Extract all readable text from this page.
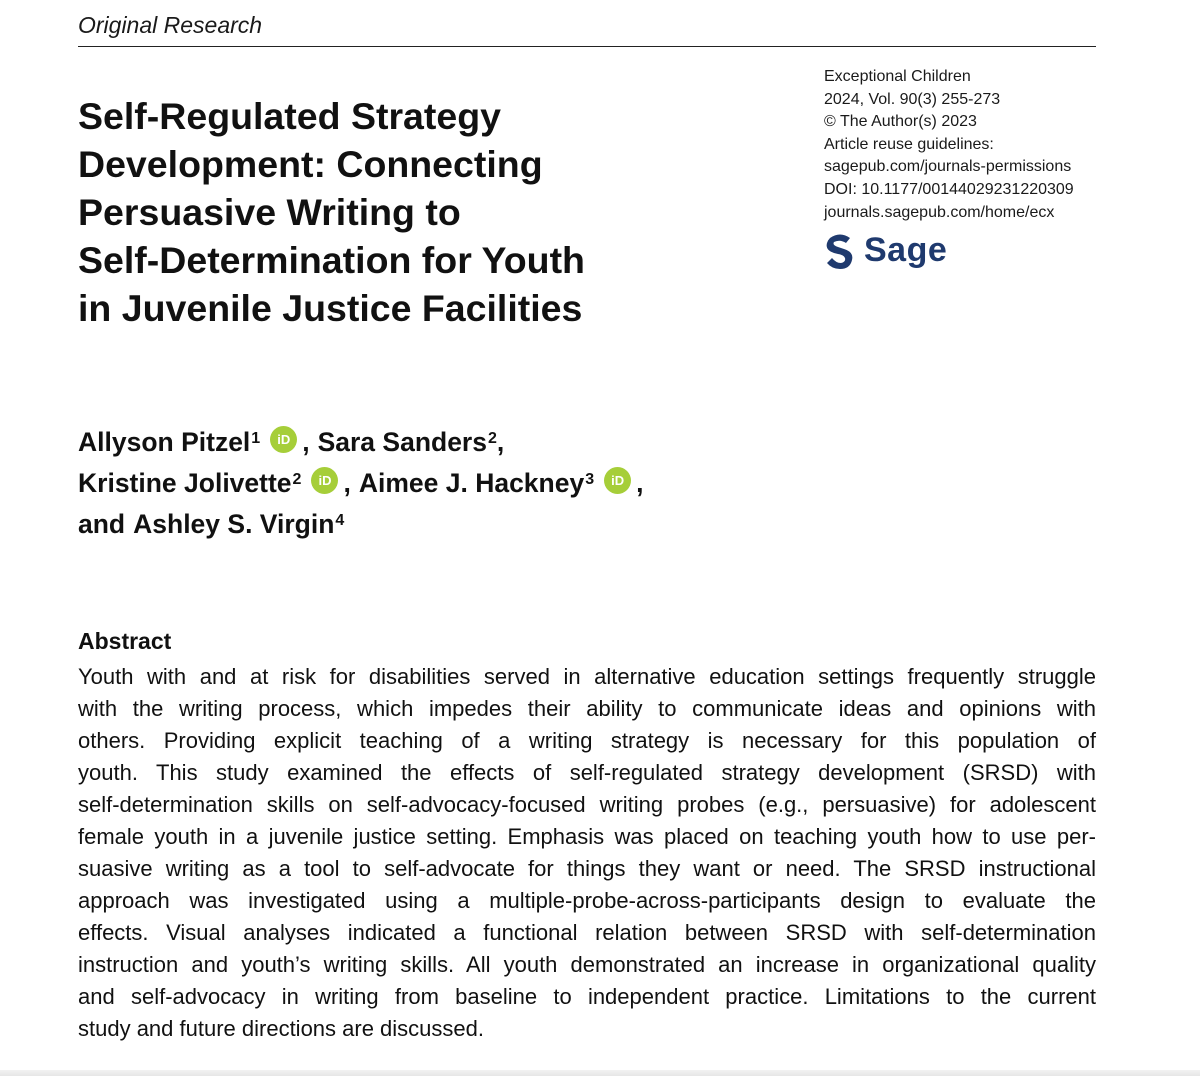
Original Research
Self-Regulated Strategy
Development: Connecting
Persuasive Writing to
Self-Determination for Youth
in Juvenile Justice Facilities
Exceptional Children
2024, Vol. 90(3) 255-273
© The Author(s) 2023
Article reuse guidelines:
sagepub.com/journals-permissions
DOI: 10.1177/00144029231220309
journals.sagepub.com/home/ecx
Sage
Allyson Pitzel$^1$	iD , Sara Sanders$^2$ ,
Kristine Jolivette$^2$	iD , Aimee J. Hackney$^3$	iD ,
and Ashley S. Virgin$^4$
Abstract
Youth with and at risk for disabilities served in alternative education settings frequently struggle
with the writing process, which impedes their ability to communicate ideas and opinions with
others. Providing explicit teaching of a writing strategy is necessary for this population of
youth. This study examined the effects of self-regulated strategy development (SRSD) with
self-determination skills on self-advocacy-focused writing probes (e.g., persuasive) for adolescent
female youth in a juvenile justice setting. Emphasis was placed on teaching youth how to use per-
suasive writing as a tool to self-advocate for things they want or need. The SRSD instructional
approach was investigated using a multiple-probe-across-participants design to evaluate the
effects. Visual analyses indicated a functional relation between SRSD with self-determination
instruction and youth’s writing skills. All youth demonstrated an increase in organizational quality
and self-advocacy in writing from baseline to independent practice. Limitations to the current
study and future directions are discussed.
